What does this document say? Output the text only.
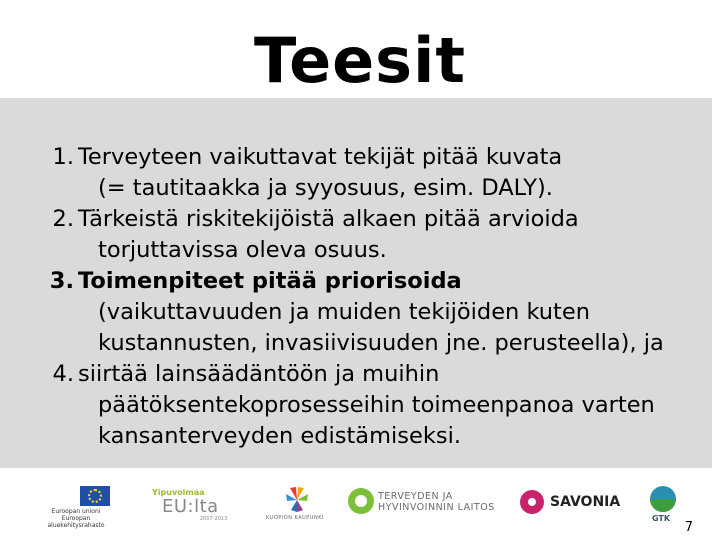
Teesit
1. Terveyteen vaikuttavat tekijät pitää kuvata
(= tautitaakka ja syyosuus, esim. DALY).
2. Tärkeistä riskitekijöistä alkaen pitää arvioida
torjuttavissa oleva osuus.
3. Toimenpiteet pitää priorisoida
(vaikuttavuuden ja muiden tekijöiden kuten
kustannusten, invasiivisuuden jne. perusteella), ja
4. siirtää lainsäädäntöön ja muihin
päätöksentekoprosesseihin toimeenpanoa varten
kansanterveyden edistämiseksi.
Euroopan unioni
Euroopan aluekehitysrahasto
Yipuvoimaa
EU:lta
2007-2013	KUOPION KAUPUNKI
TERVEYDEN JA
HYVINVOINNIN LAITOS	SAVONIA
GTK
7
